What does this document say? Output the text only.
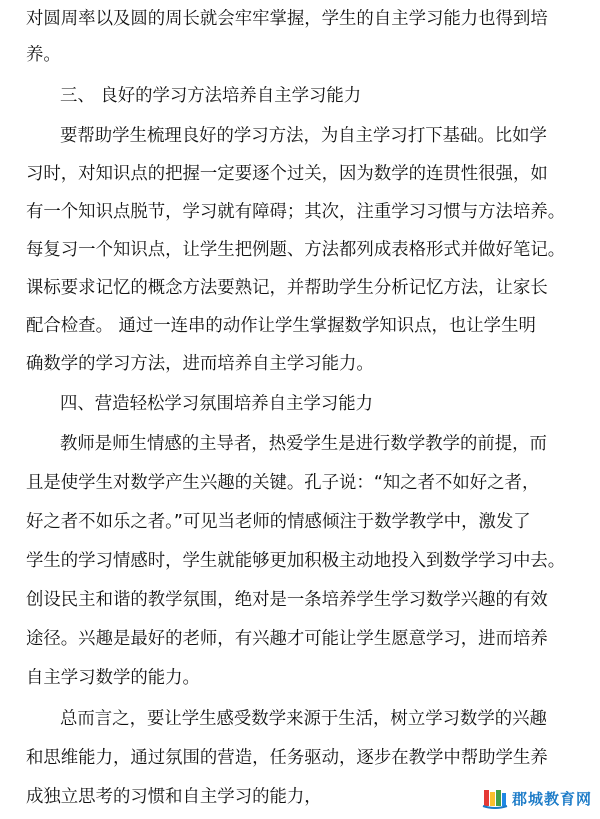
对圆周率以及圆的周长就会牢牢掌握，学生的自主学习能力也得到培
养。
三、 良好的学习方法培养自主学习能力
要帮助学生梳理良好的学习方法，为自主学习打下基础。比如学
习时，对知识点的把握一定要逐个过关，因为数学的连贯性很强，如
有一个知识点脱节，学习就有障碍；其次，注重学习习惯与方法培养。
每复习一个知识点，让学生把例题、方法都列成表格形式并做好笔记。
课标要求记忆的概念方法要熟记，并帮助学生分析记忆方法，让家长
配合检查。 通过一连串的动作让学生掌握数学知识点，也让学生明
确数学的学习方法，进而培养自主学习能力。
四、营造轻松学习氛围培养自主学习能力
教师是师生情感的主导者，热爱学生是进行数学教学的前提，而
且是使学生对数学产生兴趣的关键。孔子说：“知之者不如好之者，
好之者不如乐之者。”可见当老师的情感倾注于数学教学中，激发了
学生的学习情感时，学生就能够更加积极主动地投入到数学学习中去。
创设民主和谐的教学氛围，绝对是一条培养学生学习数学兴趣的有效
途径。兴趣是最好的老师，有兴趣才可能让学生愿意学习，进而培养
自主学习数学的能力。
总而言之，要让学生感受数学来源于生活，树立学习数学的兴趣
和思维能力，通过氛围的营造，任务驱动，逐步在教学中帮助学生养
成独立思考的习惯和自主学习的能力，	郡城教育网
